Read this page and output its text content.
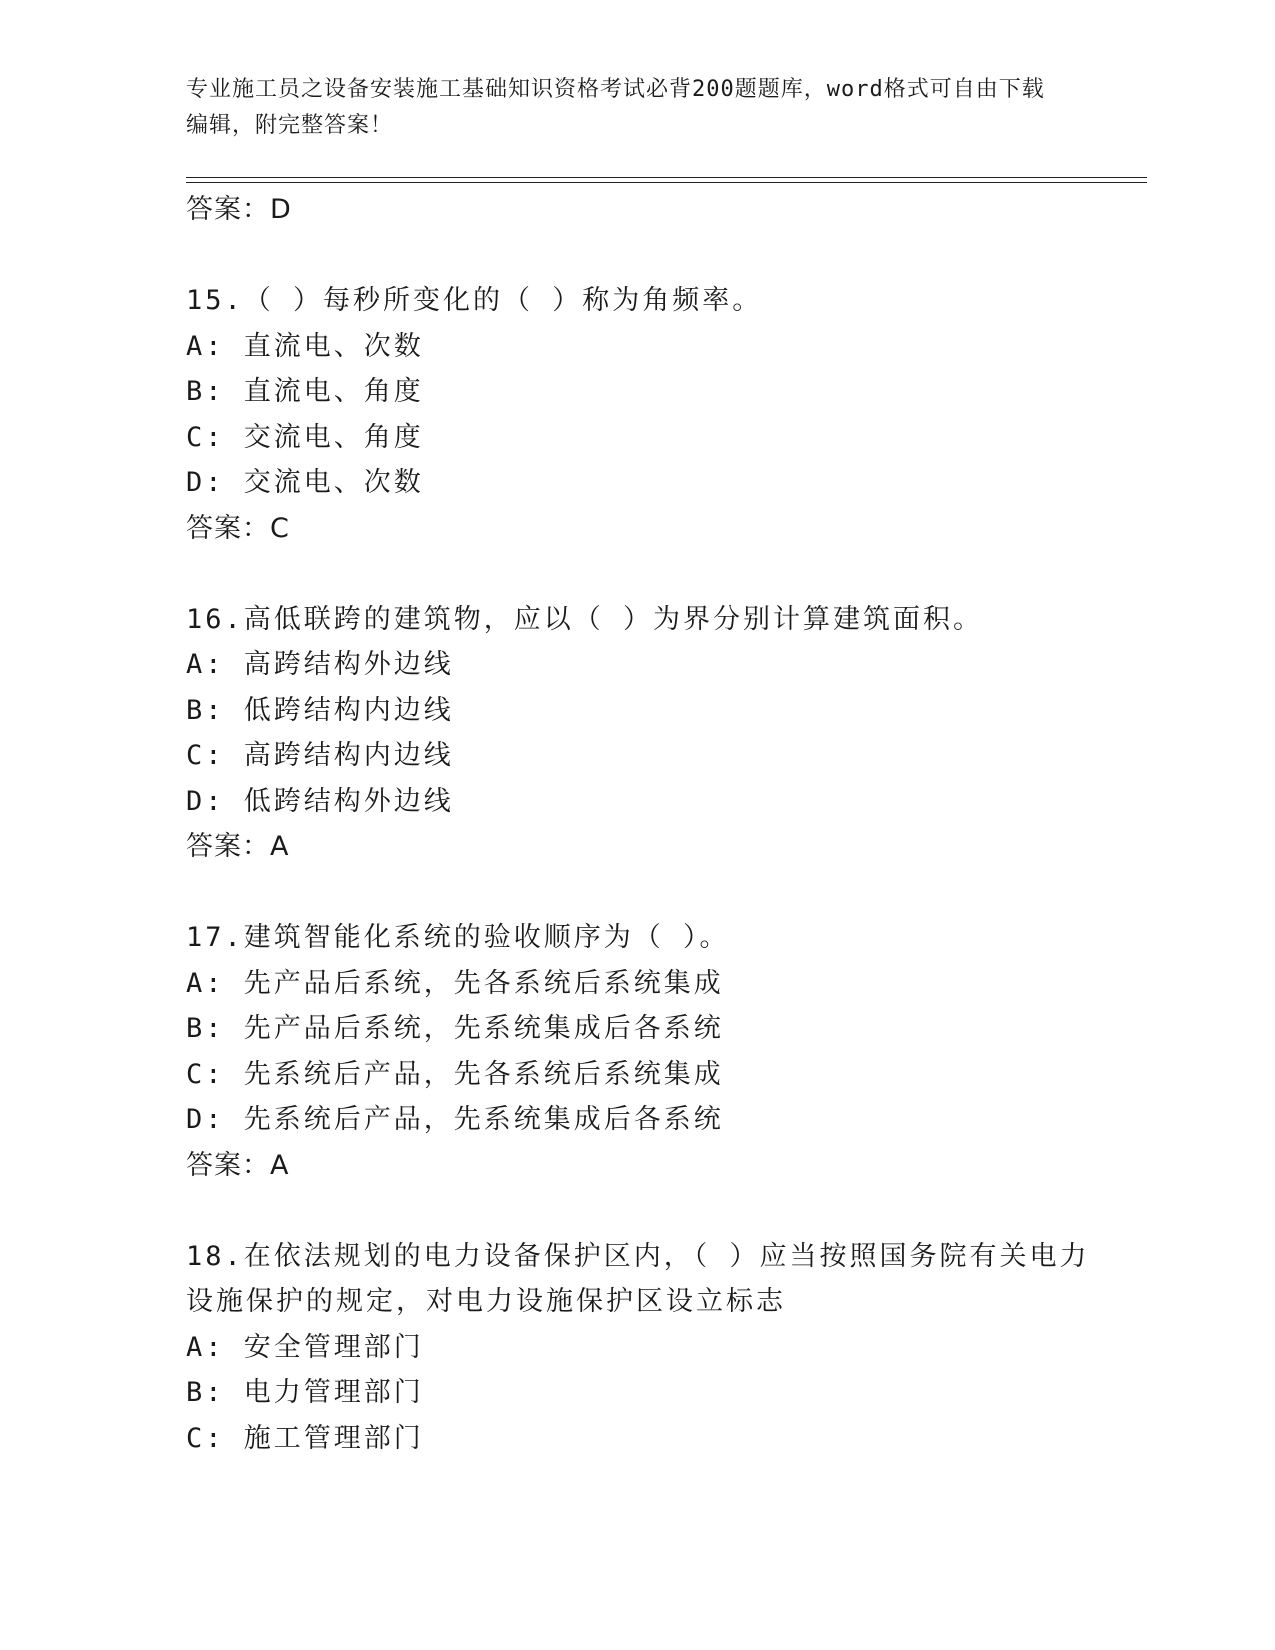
专业施工员之设备安装施工基础知识资格考试必背200题题库，word格式可自由下载编辑，附完整答案！
答案：D
15.（ ）每秒所变化的（ ）称为角频率。
A: 直流电、次数
B: 直流电、角度
C: 交流电、角度
D: 交流电、次数
答案：C
16.高低联跨的建筑物，应以（ ）为界分别计算建筑面积。
A: 高跨结构外边线
B: 低跨结构内边线
C: 高跨结构内边线
D: 低跨结构外边线
答案：A
17.建筑智能化系统的验收顺序为（ ）。
A: 先产品后系统，先各系统后系统集成
B: 先产品后系统，先系统集成后各系统
C: 先系统后产品，先各系统后系统集成
D: 先系统后产品，先系统集成后各系统
答案：A
18.在依法规划的电力设备保护区内，（ ）应当按照国务院有关电力
设施保护的规定，对电力设施保护区设立标志
A: 安全管理部门
B: 电力管理部门
C: 施工管理部门
